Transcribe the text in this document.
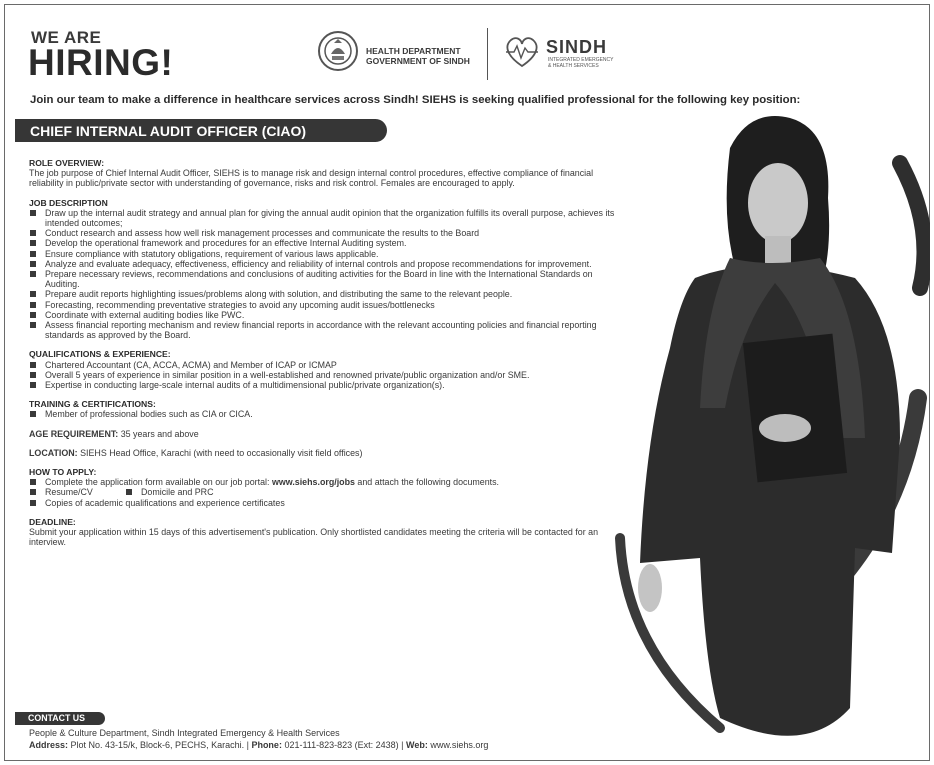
WE ARE
HIRING!	HEALTH DEPARTMENT
GOVERNMENT OF SINDH
SINDH
INTEGRATED EMERGENCY
& HEALTH SERVICES
Join our team to make a difference in healthcare services across Sindh! SIEHS is seeking qualified professional for the following key position:
CHIEF INTERNAL AUDIT OFFICER (CIAO)
ROLE OVERVIEW:

The job purpose of Chief Internal Audit Officer, SIEHS is to manage risk and design internal control procedures, effective compliance of financial reliability in public/private sector with understanding of governance, risks and risk control. Females are encouraged to apply.

JOB DESCRIPTION
Draw up the internal audit strategy and annual plan for giving the annual audit opinion that the organization fulfills its overall purpose, achieves its intended outcomes;
Conduct research and assess how well risk management processes and communicate the results to the Board
Develop the operational framework and procedures for an effective Internal Auditing system.
Ensure compliance with statutory obligations, requirement of various laws applicable.
Analyze and evaluate adequacy, effectiveness, efficiency and reliability of internal controls and propose recommendations for improvement.
Prepare necessary reviews, recommendations and conclusions of auditing activities for the Board in line with the International Standards on Auditing.
Prepare audit reports highlighting issues/problems along with solution, and distributing the same to the relevant people.
Forecasting, recommending preventative strategies to avoid any upcoming audit issues/bottlenecks
Coordinate with external auditing bodies like PWC.
Assess financial reporting mechanism and review financial reports in accordance with the relevant accounting policies and financial reporting standards as approved by the Board.
QUALIFICATIONS & EXPERIENCE:
Chartered Accountant (CA, ACCA, ACMA) and Member of ICAP or ICMAP
Overall 5 years of experience in similar position in a well-established and renowned private/public organization and/or SME.
Expertise in conducting large-scale internal audits of a multidimensional public/private organization(s).
TRAINING & CERTIFICATIONS:
Member of professional bodies such as CIA or CICA.
AGE REQUIREMENT: 35 years and above
LOCATION: SIEHS Head Office, Karachi (with need to occasionally visit field offices)
HOW TO APPLY:
Complete the application form available on our job portal: www.siehs.org/jobs and attach the following documents.
Resume/CV	Domicile and PRC
Copies of academic qualifications and experience certificates
DEADLINE:

Submit your application within 15 days of this advertisement's publication. Only shortlisted candidates meeting the criteria will be contacted for an interview.

CONTACT US
People & Culture Department, Sindh Integrated Emergency & Health Services
Address: Plot No. 43-15/k, Block-6, PECHS, Karachi. | Phone: 021-111-823-823 (Ext: 2438) | Web: www.siehs.org
